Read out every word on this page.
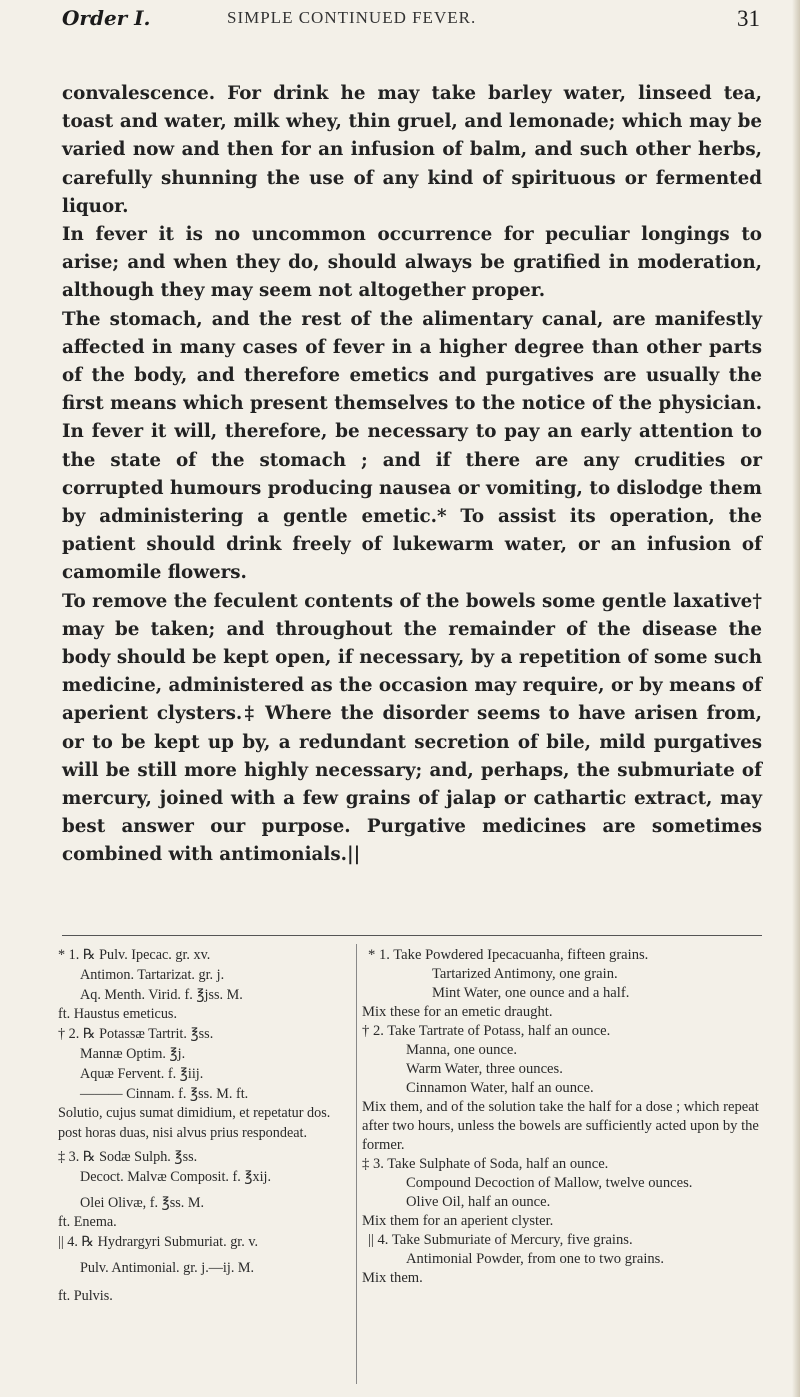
Order I.	SIMPLE CONTINUED FEVER.	31

convalescence. For drink he may take barley water, linseed tea, toast and water, milk whey, thin gruel, and lemonade; which may be varied now and then for an infusion of balm, and such other herbs, carefully shunning the use of any kind of spirituous or fermented liquor.

In fever it is no uncommon occurrence for peculiar longings to arise; and when they do, should always be gratified in moderation, although they may seem not altogether proper.

The stomach, and the rest of the alimentary canal, are manifestly affected in many cases of fever in a higher degree than other parts of the body, and therefore emetics and purgatives are usually the first means which present themselves to the notice of the physician. In fever it will, therefore, be necessary to pay an early attention to the state of the stomach ; and if there are any crudities or corrupted humours producing nausea or vomiting, to dislodge them by administering a gentle emetic.* To assist its operation, the patient should drink freely of lukewarm water, or an infusion of camomile flowers.

To remove the feculent contents of the bowels some gentle laxative† may be taken; and throughout the remainder of the disease the body should be kept open, if necessary, by a repetition of some such medicine, administered as the occasion may require, or by means of aperient clysters.‡ Where the disorder seems to have arisen from, or to be kept up by, a redundant secretion of bile, mild purgatives will be still more highly necessary; and, perhaps, the submuriate of mercury, joined with a few grains of jalap or cathartic extract, may best answer our purpose. Purgative medicines are sometimes combined with antimonials.||

* 1. ℞ Pulv. Ipecac. gr. xv.
Antimon. Tartarizat. gr. j.
Aq. Menth. Virid. f. ℥jss. M.
ft. Haustus emeticus.
† 2. ℞ Potassæ Tartrit. ℥ss.
Mannæ Optim. ℥j.
Aquæ Fervent. f. ℥iij.
——— Cinnam. f. ℥ss. M. ft.
Solutio, cujus sumat dimidium, et repetatur dos. post horas duas, nisi alvus prius respondeat.
‡ 3. ℞ Sodæ Sulph. ℥ss.
Decoct. Malvæ Composit. f. ℥xij.
Olei Olivæ, f. ℥ss. M.
ft. Enema.
|| 4. ℞ Hydrargyri Submuriat. gr. v.
Pulv. Antimonial. gr. j.—ij. M.
ft. Pulvis.
* 1. Take Powdered Ipecacuanha, fifteen grains.
Tartarized Antimony, one grain.
Mint Water, one ounce and a half.
Mix these for an emetic draught.
† 2. Take Tartrate of Potass, half an ounce.
Manna, one ounce.
Warm Water, three ounces.
Cinnamon Water, half an ounce.
Mix them, and of the solution take the half for a dose ; which repeat after two hours, unless the bowels are sufficiently acted upon by the former.
‡ 3. Take Sulphate of Soda, half an ounce.
Compound Decoction of Mallow, twelve ounces.
Olive Oil, half an ounce.
Mix them for an aperient clyster.
|| 4. Take Submuriate of Mercury, five grains.
Antimonial Powder, from one to two grains.
Mix them.
